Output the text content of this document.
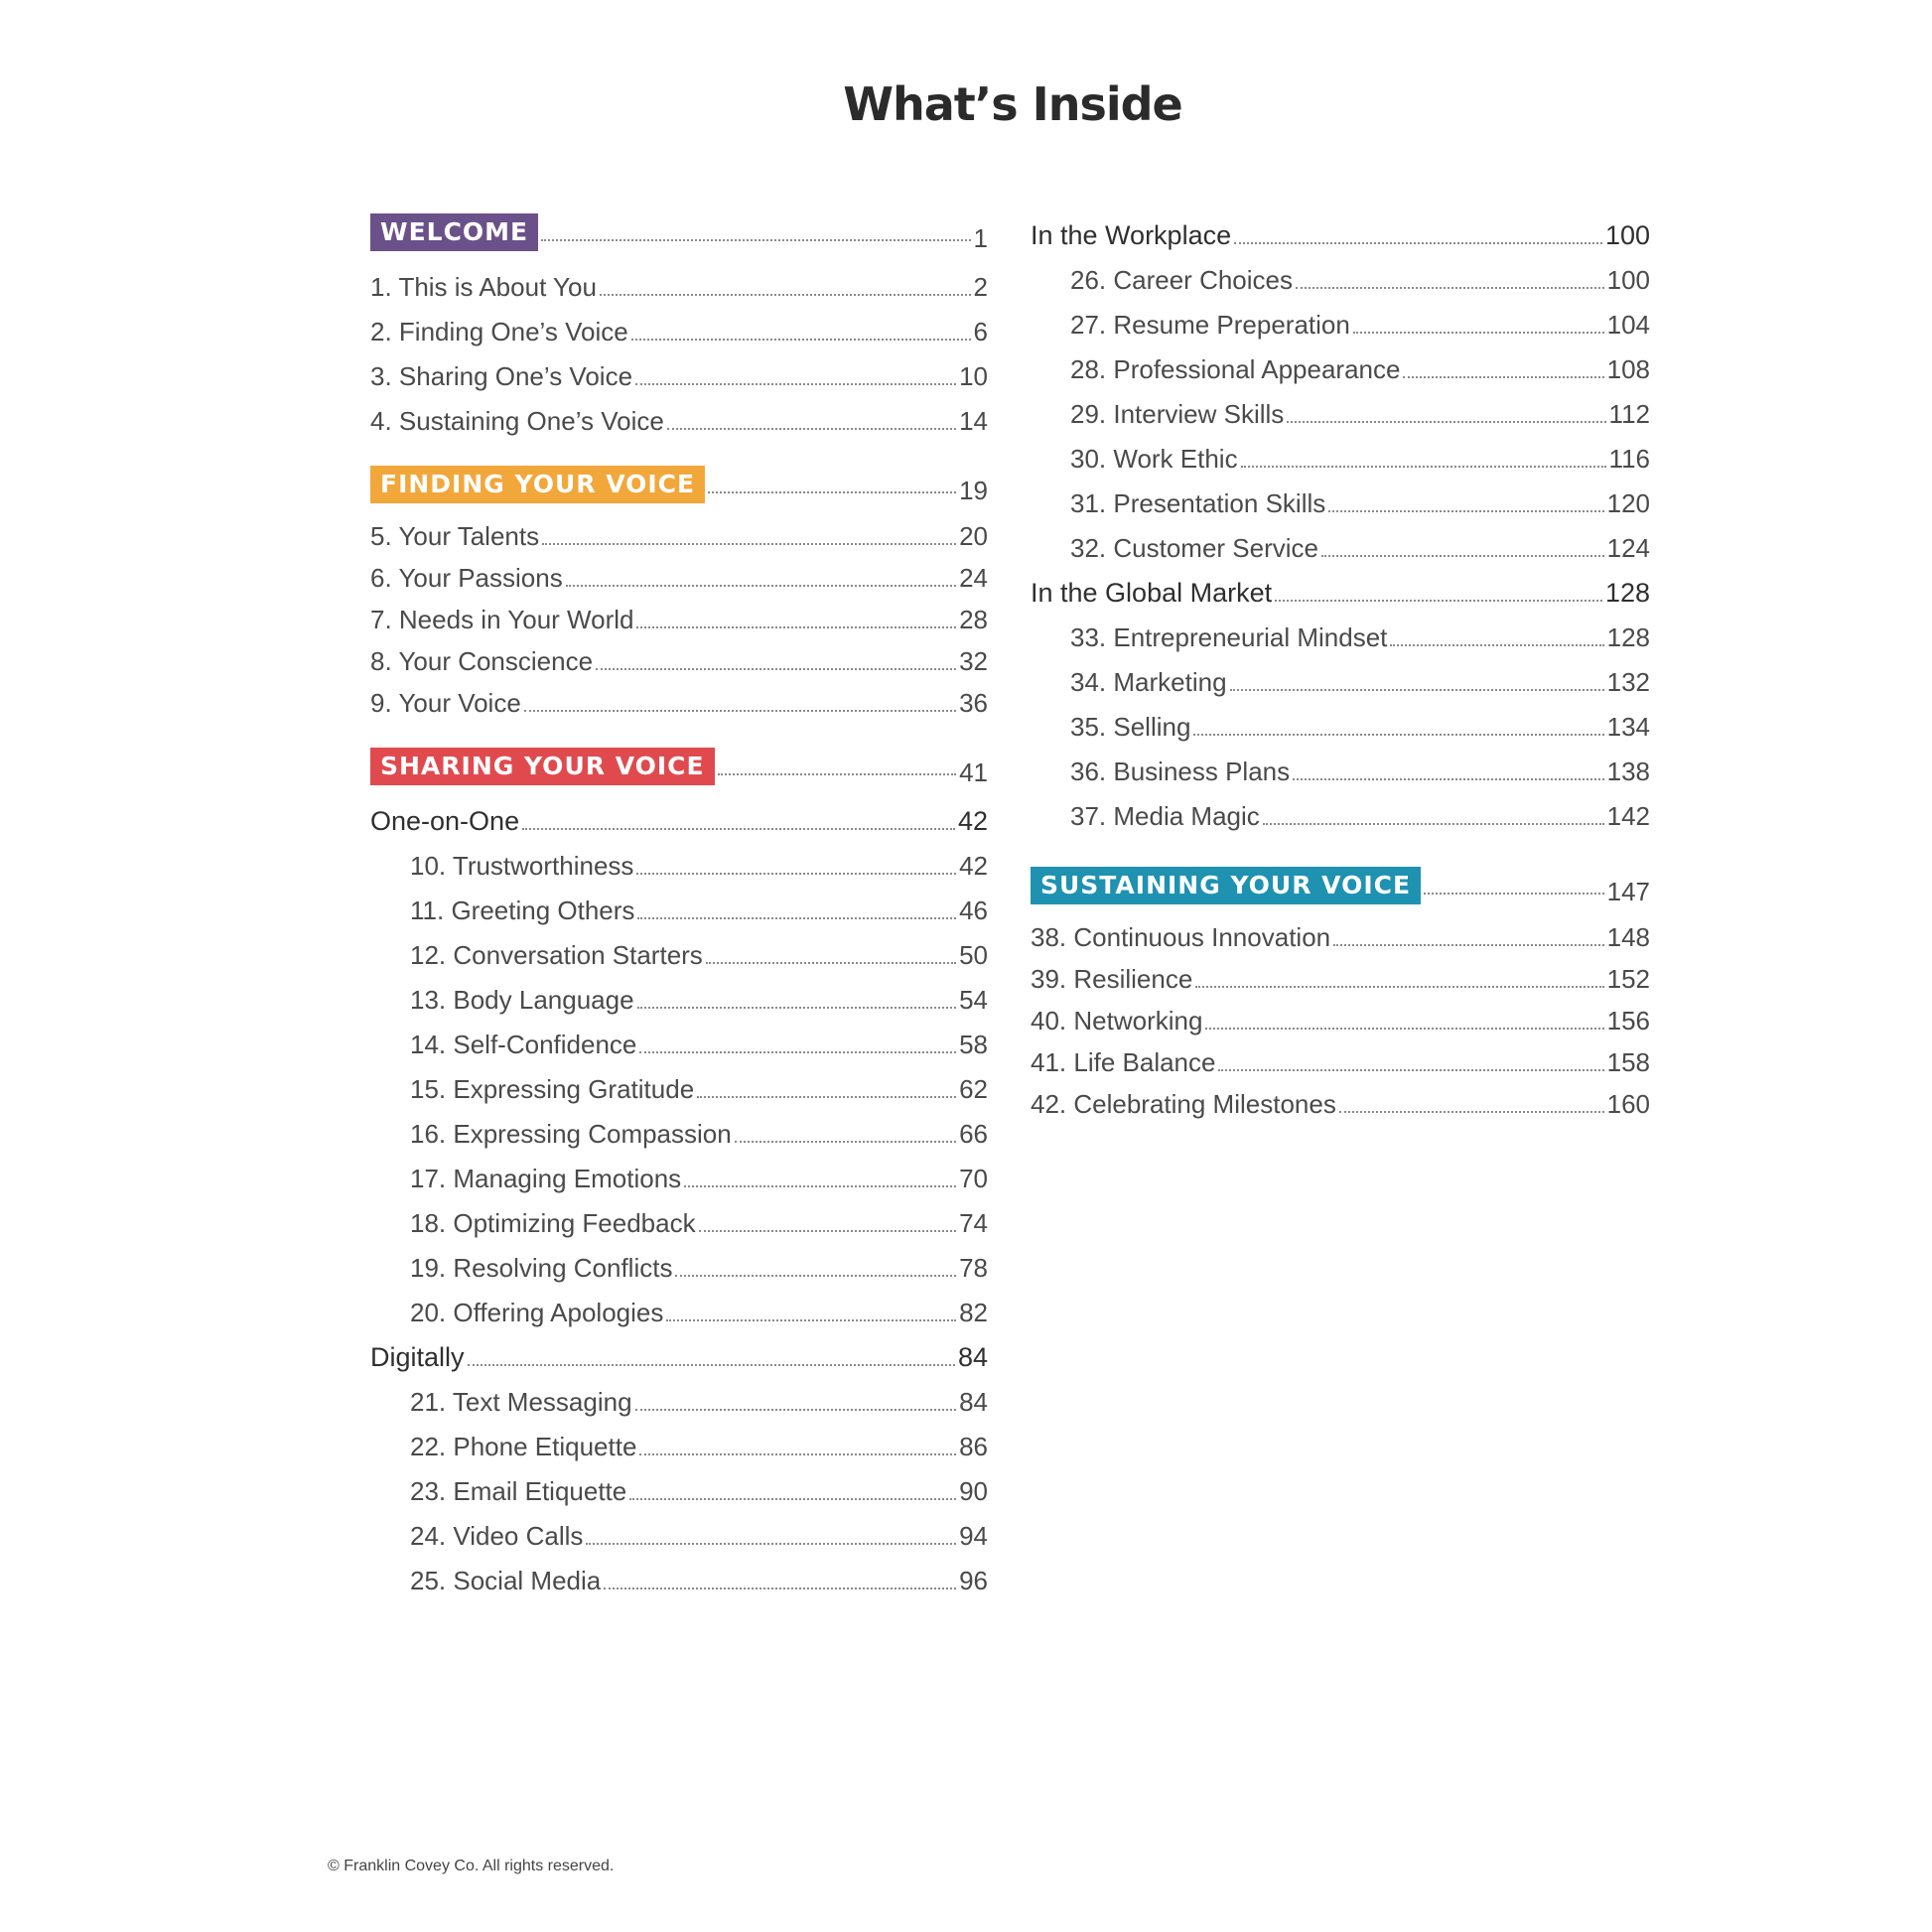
What’s Inside
WELCOME	1
1. This is About You	2
2. Finding One’s Voice	6
3. Sharing One’s Voice	10
4. Sustaining One’s Voice	14
FINDING YOUR VOICE	19
5. Your Talents	20
6. Your Passions	24
7. Needs in Your World	28
8. Your Conscience	32
9. Your Voice	36
SHARING YOUR VOICE	41
One-on-One	42
10. Trustworthiness	42
11. Greeting Others	46
12. Conversation Starters	50
13. Body Language	54
14. Self-Confidence	58
15. Expressing Gratitude	62
16. Expressing Compassion	66
17. Managing Emotions	70
18. Optimizing Feedback	74
19. Resolving Conflicts	78
20. Offering Apologies	82
Digitally	84
21. Text Messaging	84
22. Phone Etiquette	86
23. Email Etiquette	90
24. Video Calls	94
25. Social Media	96
In the Workplace	100
26. Career Choices	100
27. Resume Preperation	104
28. Professional Appearance	108
29. Interview Skills	112
30. Work Ethic	116
31. Presentation Skills	120
32. Customer Service	124
In the Global Market	128
33. Entrepreneurial Mindset	128
34. Marketing	132
35. Selling	134
36. Business Plans	138
37. Media Magic	142
SUSTAINING YOUR VOICE	147
38. Continuous Innovation	148
39. Resilience	152
40. Networking	156
41. Life Balance	158
42. Celebrating Milestones	160
© Franklin Covey Co. All rights reserved.
